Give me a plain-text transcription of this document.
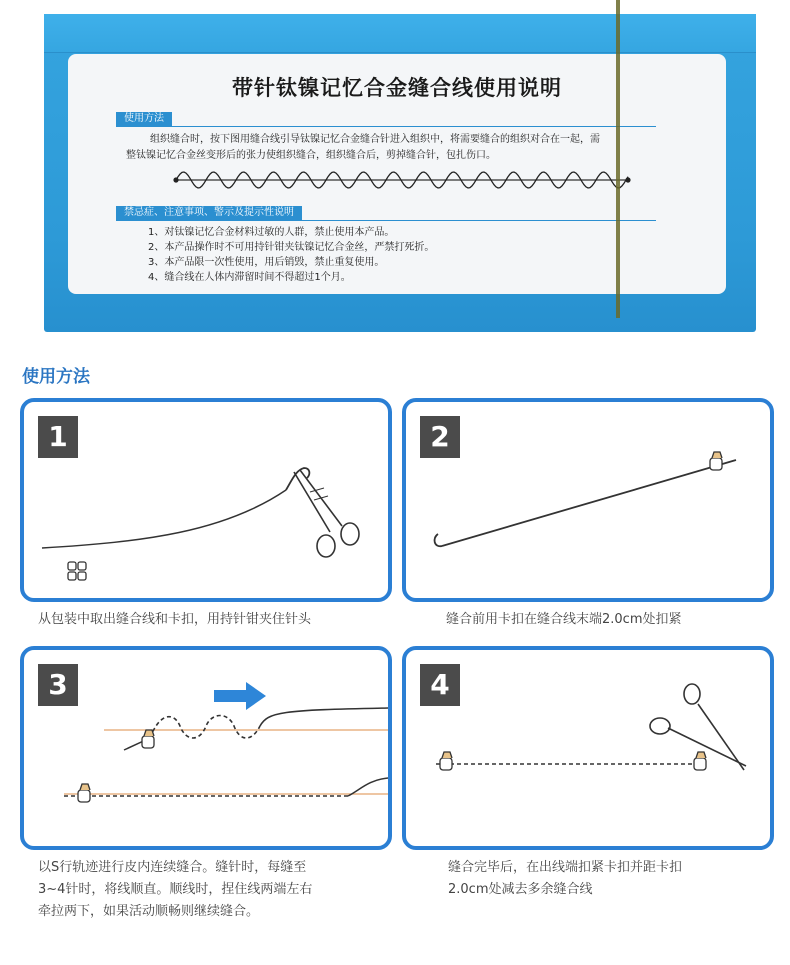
带针钛镍记忆合金缝合线使用说明
使用方法
组织缝合时，按下图用缝合线引导钛镍记忆合金缝合针进入组织中，将需要缝合的组织对合在一起，需
整钛镍记忆合金丝变形后的张力使组织缝合，组织缝合后，剪掉缝合针，包扎伤口。
禁忌症、注意事项、警示及提示性说明
1、对钛镍记忆合金材料过敏的人群，禁止使用本产品。
2、本产品操作时不可用持针钳夹钛镍记忆合金丝，严禁打死折。
3、本产品限一次性使用，用后销毁，禁止重复使用。
4、缝合线在人体内滞留时间不得超过1个月。
使用方法
1
从包装中取出缝合线和卡扣，用持针钳夹住针头
2
缝合前用卡扣在缝合线末端2.0cm处扣紧
3
以S行轨迹进行皮内连续缝合。缝针时，每缝至
3~4针时，将线顺直。顺线时，捏住线两端左右
牵拉两下，如果活动顺畅则继续缝合。
4
缝合完毕后，在出线端扣紧卡扣并距卡扣
2.0cm处减去多余缝合线
